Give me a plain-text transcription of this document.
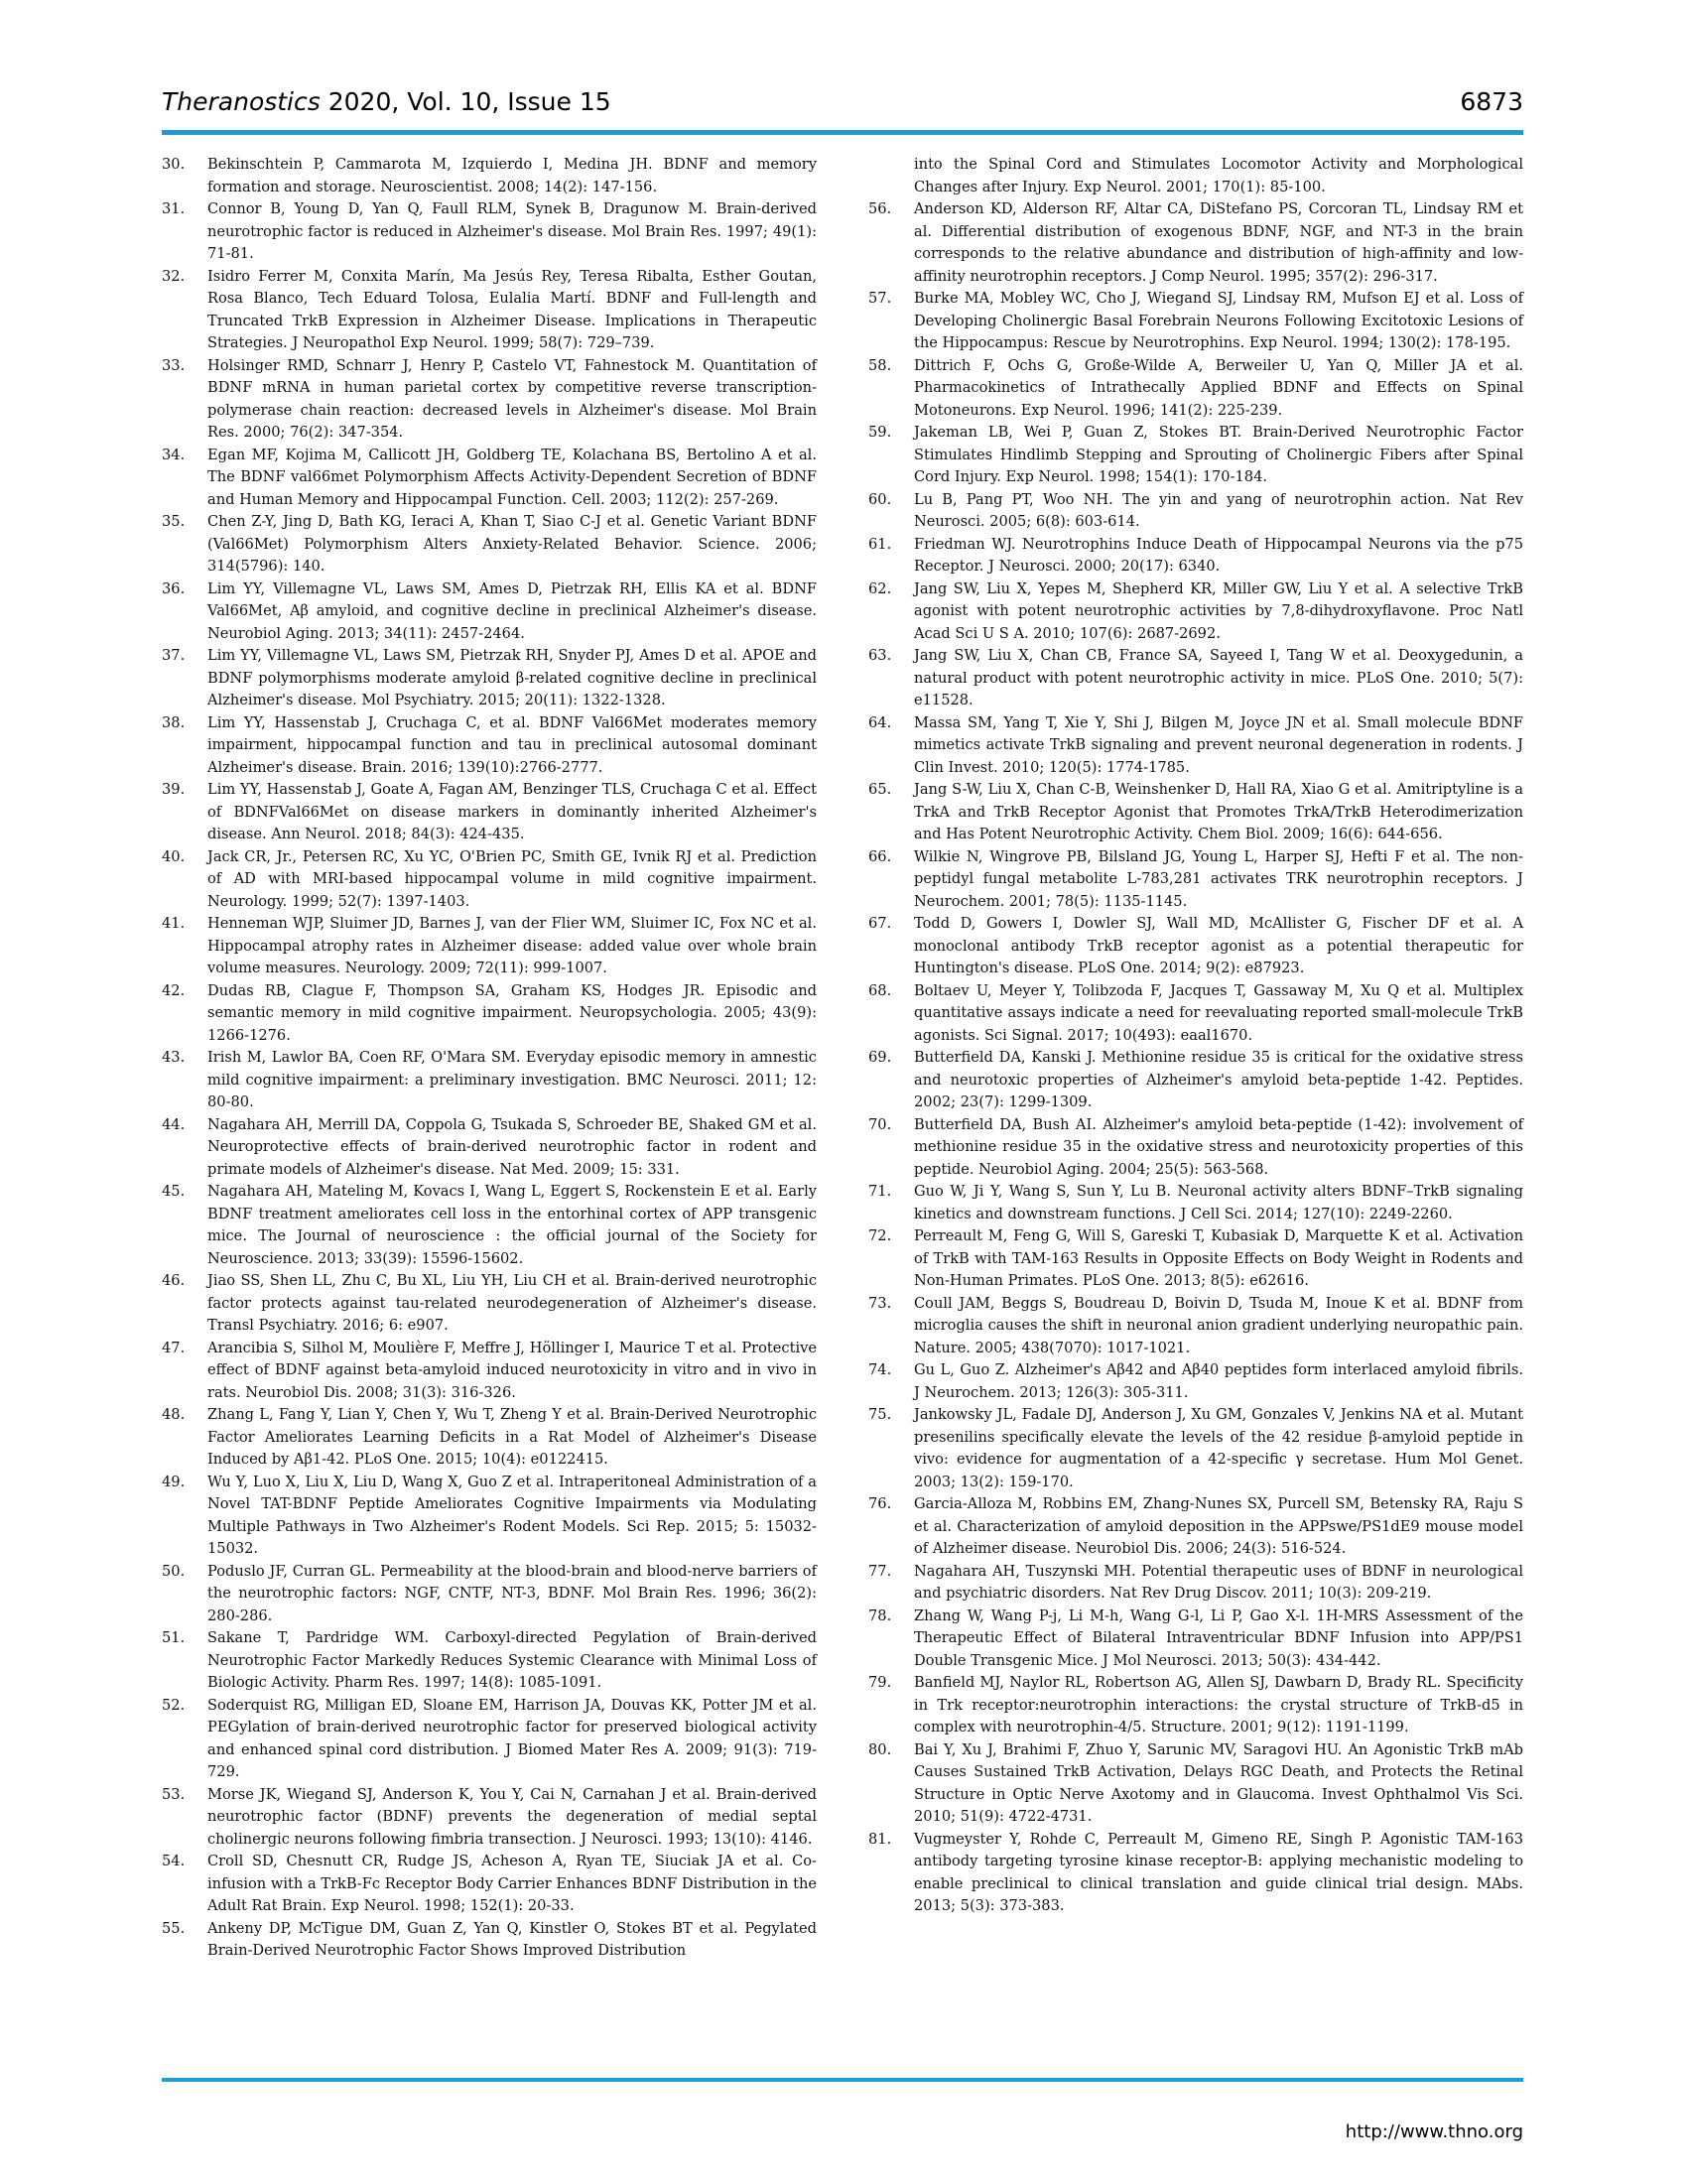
Theranostics 2020, Vol. 10, Issue 15	6873

30. Bekinschtein P, Cammarota M, Izquierdo I, Medina JH. BDNF and memory formation and storage. Neuroscientist. 2008; 14(2): 147-156.

31. Connor B, Young D, Yan Q, Faull RLM, Synek B, Dragunow M. Brain-derived neurotrophic factor is reduced in Alzheimer's disease. Mol Brain Res. 1997; 49(1): 71-81.

32. Isidro Ferrer M, Conxita Marín, Ma Jesús Rey, Teresa Ribalta, Esther Goutan, Rosa Blanco, Tech Eduard Tolosa, Eulalia Martí. BDNF and Full-length and Truncated TrkB Expression in Alzheimer Disease. Implications in Therapeutic Strategies. J Neuropathol Exp Neurol. 1999; 58(7): 729–739.

33. Holsinger RMD, Schnarr J, Henry P, Castelo VT, Fahnestock M. Quantitation of BDNF mRNA in human parietal cortex by competitive reverse transcription-polymerase chain reaction: decreased levels in Alzheimer's disease. Mol Brain Res. 2000; 76(2): 347-354.

34. Egan MF, Kojima M, Callicott JH, Goldberg TE, Kolachana BS, Bertolino A et al. The BDNF val66met Polymorphism Affects Activity-Dependent Secretion of BDNF and Human Memory and Hippocampal Function. Cell. 2003; 112(2): 257-269.

35. Chen Z-Y, Jing D, Bath KG, Ieraci A, Khan T, Siao C-J et al. Genetic Variant BDNF (Val66Met) Polymorphism Alters Anxiety-Related Behavior. Science. 2006; 314(5796): 140.

36. Lim YY, Villemagne VL, Laws SM, Ames D, Pietrzak RH, Ellis KA et al. BDNF Val66Met, Aβ amyloid, and cognitive decline in preclinical Alzheimer's disease. Neurobiol Aging. 2013; 34(11): 2457-2464.

37. Lim YY, Villemagne VL, Laws SM, Pietrzak RH, Snyder PJ, Ames D et al. APOE and BDNF polymorphisms moderate amyloid β-related cognitive decline in preclinical Alzheimer's disease. Mol Psychiatry. 2015; 20(11): 1322-1328.

38. Lim YY, Hassenstab J, Cruchaga C, et al. BDNF Val66Met moderates memory impairment, hippocampal function and tau in preclinical autosomal dominant Alzheimer's disease. Brain. 2016; 139(10):2766-2777.

39. Lim YY, Hassenstab J, Goate A, Fagan AM, Benzinger TLS, Cruchaga C et al. Effect of BDNFVal66Met on disease markers in dominantly inherited Alzheimer's disease. Ann Neurol. 2018; 84(3): 424-435.

40. Jack CR, Jr., Petersen RC, Xu YC, O'Brien PC, Smith GE, Ivnik RJ et al. Prediction of AD with MRI-based hippocampal volume in mild cognitive impairment. Neurology. 1999; 52(7): 1397-1403.

41. Henneman WJP, Sluimer JD, Barnes J, van der Flier WM, Sluimer IC, Fox NC et al. Hippocampal atrophy rates in Alzheimer disease: added value over whole brain volume measures. Neurology. 2009; 72(11): 999-1007.

42. Dudas RB, Clague F, Thompson SA, Graham KS, Hodges JR. Episodic and semantic memory in mild cognitive impairment. Neuropsychologia. 2005; 43(9): 1266-1276.

43. Irish M, Lawlor BA, Coen RF, O'Mara SM. Everyday episodic memory in amnestic mild cognitive impairment: a preliminary investigation. BMC Neurosci. 2011; 12: 80-80.

44. Nagahara AH, Merrill DA, Coppola G, Tsukada S, Schroeder BE, Shaked GM et al. Neuroprotective effects of brain-derived neurotrophic factor in rodent and primate models of Alzheimer's disease. Nat Med. 2009; 15: 331.

45. Nagahara AH, Mateling M, Kovacs I, Wang L, Eggert S, Rockenstein E et al. Early BDNF treatment ameliorates cell loss in the entorhinal cortex of APP transgenic mice. The Journal of neuroscience : the official journal of the Society for Neuroscience. 2013; 33(39): 15596-15602.

46. Jiao SS, Shen LL, Zhu C, Bu XL, Liu YH, Liu CH et al. Brain-derived neurotrophic factor protects against tau-related neurodegeneration of Alzheimer's disease. Transl Psychiatry. 2016; 6: e907.

47. Arancibia S, Silhol M, Moulière F, Meffre J, Höllinger I, Maurice T et al. Protective effect of BDNF against beta-amyloid induced neurotoxicity in vitro and in vivo in rats. Neurobiol Dis. 2008; 31(3): 316-326.

48. Zhang L, Fang Y, Lian Y, Chen Y, Wu T, Zheng Y et al. Brain-Derived Neurotrophic Factor Ameliorates Learning Deficits in a Rat Model of Alzheimer's Disease Induced by Aβ1-42. PLoS One. 2015; 10(4): e0122415.

49. Wu Y, Luo X, Liu X, Liu D, Wang X, Guo Z et al. Intraperitoneal Administration of a Novel TAT-BDNF Peptide Ameliorates Cognitive Impairments via Modulating Multiple Pathways in Two Alzheimer's Rodent Models. Sci Rep. 2015; 5: 15032-15032.

50. Poduslo JF, Curran GL. Permeability at the blood-brain and blood-nerve barriers of the neurotrophic factors: NGF, CNTF, NT-3, BDNF. Mol Brain Res. 1996; 36(2): 280-286.

51. Sakane T, Pardridge WM. Carboxyl-directed Pegylation of Brain-derived Neurotrophic Factor Markedly Reduces Systemic Clearance with Minimal Loss of Biologic Activity. Pharm Res. 1997; 14(8): 1085-1091.

52. Soderquist RG, Milligan ED, Sloane EM, Harrison JA, Douvas KK, Potter JM et al. PEGylation of brain-derived neurotrophic factor for preserved biological activity and enhanced spinal cord distribution. J Biomed Mater Res A. 2009; 91(3): 719-729.

53. Morse JK, Wiegand SJ, Anderson K, You Y, Cai N, Carnahan J et al. Brain-derived neurotrophic factor (BDNF) prevents the degeneration of medial septal cholinergic neurons following fimbria transection. J Neurosci. 1993; 13(10): 4146.

54. Croll SD, Chesnutt CR, Rudge JS, Acheson A, Ryan TE, Siuciak JA et al. Co-infusion with a TrkB-Fc Receptor Body Carrier Enhances BDNF Distribution in the Adult Rat Brain. Exp Neurol. 1998; 152(1): 20-33.

55. Ankeny DP, McTigue DM, Guan Z, Yan Q, Kinstler O, Stokes BT et al. Pegylated Brain-Derived Neurotrophic Factor Shows Improved Distribution

into the Spinal Cord and Stimulates Locomotor Activity and Morphological Changes after Injury. Exp Neurol. 2001; 170(1): 85-100.

56. Anderson KD, Alderson RF, Altar CA, DiStefano PS, Corcoran TL, Lindsay RM et al. Differential distribution of exogenous BDNF, NGF, and NT-3 in the brain corresponds to the relative abundance and distribution of high-affinity and low-affinity neurotrophin receptors. J Comp Neurol. 1995; 357(2): 296-317.

57. Burke MA, Mobley WC, Cho J, Wiegand SJ, Lindsay RM, Mufson EJ et al. Loss of Developing Cholinergic Basal Forebrain Neurons Following Excitotoxic Lesions of the Hippocampus: Rescue by Neurotrophins. Exp Neurol. 1994; 130(2): 178-195.

58. Dittrich F, Ochs G, Große-Wilde A, Berweiler U, Yan Q, Miller JA et al. Pharmacokinetics of Intrathecally Applied BDNF and Effects on Spinal Motoneurons. Exp Neurol. 1996; 141(2): 225-239.

59. Jakeman LB, Wei P, Guan Z, Stokes BT. Brain-Derived Neurotrophic Factor Stimulates Hindlimb Stepping and Sprouting of Cholinergic Fibers after Spinal Cord Injury. Exp Neurol. 1998; 154(1): 170-184.

60. Lu B, Pang PT, Woo NH. The yin and yang of neurotrophin action. Nat Rev Neurosci. 2005; 6(8): 603-614.

61. Friedman WJ. Neurotrophins Induce Death of Hippocampal Neurons via the p75 Receptor. J Neurosci. 2000; 20(17): 6340.

62. Jang SW, Liu X, Yepes M, Shepherd KR, Miller GW, Liu Y et al. A selective TrkB agonist with potent neurotrophic activities by 7,8-dihydroxyflavone. Proc Natl Acad Sci U S A. 2010; 107(6): 2687-2692.

63. Jang SW, Liu X, Chan CB, France SA, Sayeed I, Tang W et al. Deoxygedunin, a natural product with potent neurotrophic activity in mice. PLoS One. 2010; 5(7): e11528.

64. Massa SM, Yang T, Xie Y, Shi J, Bilgen M, Joyce JN et al. Small molecule BDNF mimetics activate TrkB signaling and prevent neuronal degeneration in rodents. J Clin Invest. 2010; 120(5): 1774-1785.

65. Jang S-W, Liu X, Chan C-B, Weinshenker D, Hall RA, Xiao G et al. Amitriptyline is a TrkA and TrkB Receptor Agonist that Promotes TrkA/TrkB Heterodimerization and Has Potent Neurotrophic Activity. Chem Biol. 2009; 16(6): 644-656.

66. Wilkie N, Wingrove PB, Bilsland JG, Young L, Harper SJ, Hefti F et al. The non-peptidyl fungal metabolite L-783,281 activates TRK neurotrophin receptors. J Neurochem. 2001; 78(5): 1135-1145.

67. Todd D, Gowers I, Dowler SJ, Wall MD, McAllister G, Fischer DF et al. A monoclonal antibody TrkB receptor agonist as a potential therapeutic for Huntington's disease. PLoS One. 2014; 9(2): e87923.

68. Boltaev U, Meyer Y, Tolibzoda F, Jacques T, Gassaway M, Xu Q et al. Multiplex quantitative assays indicate a need for reevaluating reported small-molecule TrkB agonists. Sci Signal. 2017; 10(493): eaal1670.

69. Butterfield DA, Kanski J. Methionine residue 35 is critical for the oxidative stress and neurotoxic properties of Alzheimer's amyloid beta-peptide 1-42. Peptides. 2002; 23(7): 1299-1309.

70. Butterfield DA, Bush AI. Alzheimer's amyloid beta-peptide (1-42): involvement of methionine residue 35 in the oxidative stress and neurotoxicity properties of this peptide. Neurobiol Aging. 2004; 25(5): 563-568.

71. Guo W, Ji Y, Wang S, Sun Y, Lu B. Neuronal activity alters BDNF–TrkB signaling kinetics and downstream functions. J Cell Sci. 2014; 127(10): 2249-2260.

72. Perreault M, Feng G, Will S, Gareski T, Kubasiak D, Marquette K et al. Activation of TrkB with TAM-163 Results in Opposite Effects on Body Weight in Rodents and Non-Human Primates. PLoS One. 2013; 8(5): e62616.

73. Coull JAM, Beggs S, Boudreau D, Boivin D, Tsuda M, Inoue K et al. BDNF from microglia causes the shift in neuronal anion gradient underlying neuropathic pain. Nature. 2005; 438(7070): 1017-1021.

74. Gu L, Guo Z. Alzheimer's Aβ42 and Aβ40 peptides form interlaced amyloid fibrils. J Neurochem. 2013; 126(3): 305-311.

75. Jankowsky JL, Fadale DJ, Anderson J, Xu GM, Gonzales V, Jenkins NA et al. Mutant presenilins specifically elevate the levels of the 42 residue β-amyloid peptide in vivo: evidence for augmentation of a 42-specific γ secretase. Hum Mol Genet. 2003; 13(2): 159-170.

76. Garcia-Alloza M, Robbins EM, Zhang-Nunes SX, Purcell SM, Betensky RA, Raju S et al. Characterization of amyloid deposition in the APPswe/PS1dE9 mouse model of Alzheimer disease. Neurobiol Dis. 2006; 24(3): 516-524.

77. Nagahara AH, Tuszynski MH. Potential therapeutic uses of BDNF in neurological and psychiatric disorders. Nat Rev Drug Discov. 2011; 10(3): 209-219.

78. Zhang W, Wang P-j, Li M-h, Wang G-l, Li P, Gao X-l. 1H-MRS Assessment of the Therapeutic Effect of Bilateral Intraventricular BDNF Infusion into APP/PS1 Double Transgenic Mice. J Mol Neurosci. 2013; 50(3): 434-442.

79. Banfield MJ, Naylor RL, Robertson AG, Allen SJ, Dawbarn D, Brady RL. Specificity in Trk receptor:neurotrophin interactions: the crystal structure of TrkB-d5 in complex with neurotrophin-4/5. Structure. 2001; 9(12): 1191-1199.

80. Bai Y, Xu J, Brahimi F, Zhuo Y, Sarunic MV, Saragovi HU. An Agonistic TrkB mAb Causes Sustained TrkB Activation, Delays RGC Death, and Protects the Retinal Structure in Optic Nerve Axotomy and in Glaucoma. Invest Ophthalmol Vis Sci. 2010; 51(9): 4722-4731.

81. Vugmeyster Y, Rohde C, Perreault M, Gimeno RE, Singh P. Agonistic TAM-163 antibody targeting tyrosine kinase receptor-B: applying mechanistic modeling to enable preclinical to clinical translation and guide clinical trial design. MAbs. 2013; 5(3): 373-383.

http://www.thno.org
